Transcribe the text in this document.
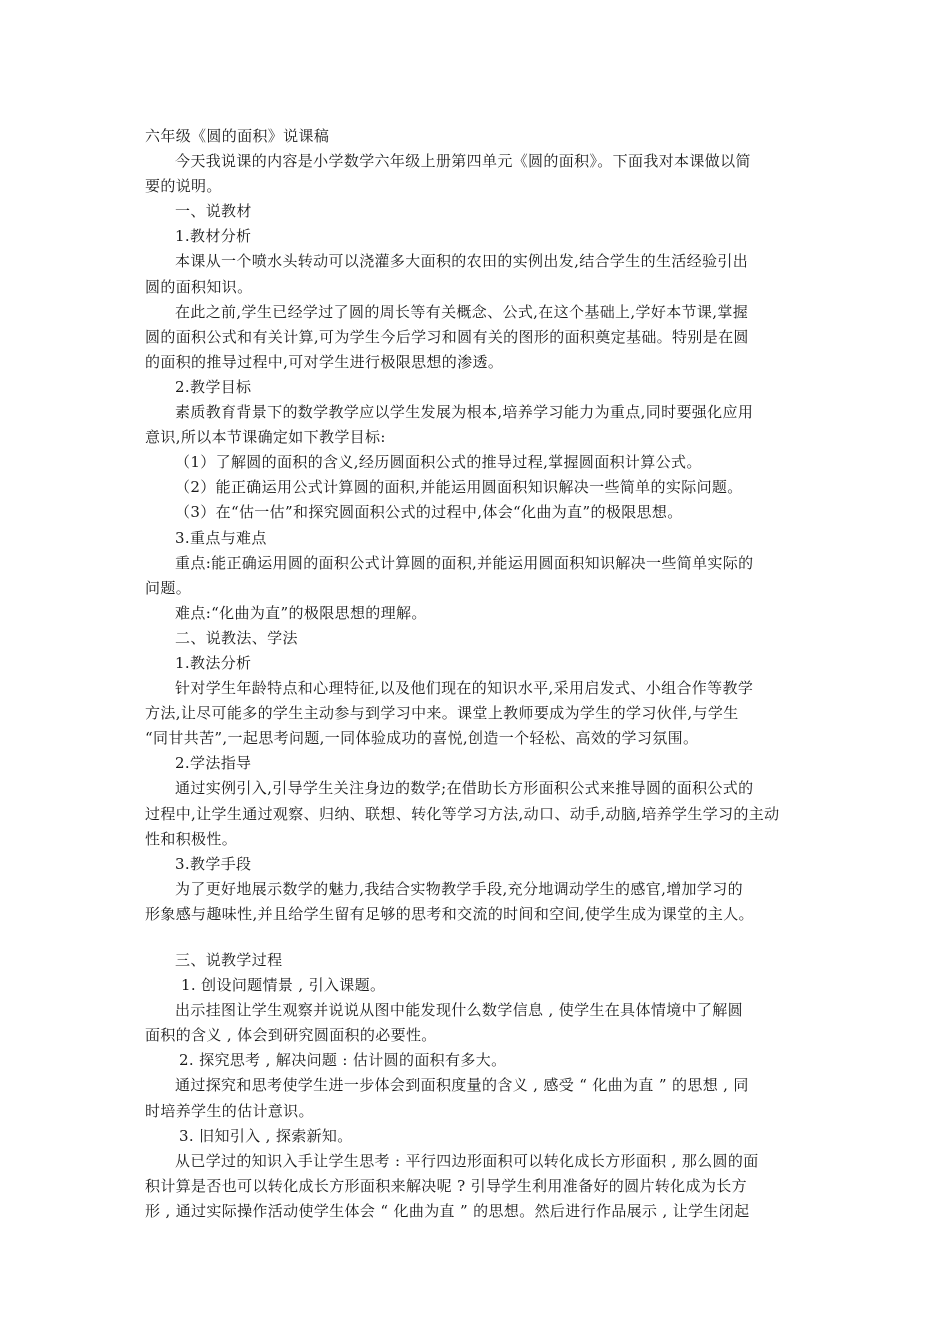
六年级《圆的面积》说课稿
今天我说课的内容是小学数学六年级上册第四单元《圆的面积》。下面我对本课做以简
要的说明。
一、说教材
1.教材分析
本课从一个喷水头转动可以浇灌多大面积的农田的实例出发,结合学生的生活经验引出
圆的面积知识。
在此之前,学生已经学过了圆的周长等有关概念、公式,在这个基础上,学好本节课,掌握
圆的面积公式和有关计算,可为学生今后学习和圆有关的图形的面积奠定基础。特别是在圆
的面积的推导过程中,可对学生进行极限思想的渗透。
2.教学目标
素质教育背景下的数学教学应以学生发展为根本,培养学习能力为重点,同时要强化应用
意识,所以本节课确定如下教学目标:
（1）了解圆的面积的含义,经历圆面积公式的推导过程,掌握圆面积计算公式。
（2）能正确运用公式计算圆的面积,并能运用圆面积知识解决一些简单的实际问题。
（3）在“估一估”和探究圆面积公式的过程中,体会“化曲为直”的极限思想。
3.重点与难点
重点:能正确运用圆的面积公式计算圆的面积,并能运用圆面积知识解决一些简单实际的
问题。
难点:“化曲为直”的极限思想的理解。
二、说教法、学法
1.教法分析
针对学生年龄特点和心理特征,以及他们现在的知识水平,采用启发式、小组合作等教学
方法,让尽可能多的学生主动参与到学习中来。课堂上教师要成为学生的学习伙伴,与学生
“同甘共苦”,一起思考问题,一同体验成功的喜悦,创造一个轻松、高效的学习氛围。
2.学法指导
通过实例引入,引导学生关注身边的数学;在借助长方形面积公式来推导圆的面积公式的
过程中,让学生通过观察、归纳、联想、转化等学习方法,动口、动手,动脑,培养学生学习的主动
性和积极性。
3.教学手段
为了更好地展示数学的魅力,我结合实物教学手段,充分地调动学生的感官,增加学习的
形象感与趣味性,并且给学生留有足够的思考和交流的时间和空间,使学生成为课堂的主人。
三、说教学过程
1. 创设问题情景 , 引入课题。
出示挂图让学生观察并说说从图中能发现什么数学信息 , 使学生在具体情境中了解圆
面积的含义 , 体会到研究圆面积的必要性。
2. 探究思考 , 解决问题 : 估计圆的面积有多大。
通过探究和思考使学生进一步体会到面积度量的含义 , 感受 “ 化曲为直 ” 的思想 , 同
时培养学生的估计意识。
3. 旧知引入 , 探索新知。
从已学过的知识入手让学生思考 : 平行四边形面积可以转化成长方形面积 , 那么圆的面
积计算是否也可以转化成长方形面积来解决呢 ? 引导学生利用准备好的圆片转化成为长方
形 , 通过实际操作活动使学生体会 “ 化曲为直 ” 的思想。然后进行作品展示 , 让学生闭起
